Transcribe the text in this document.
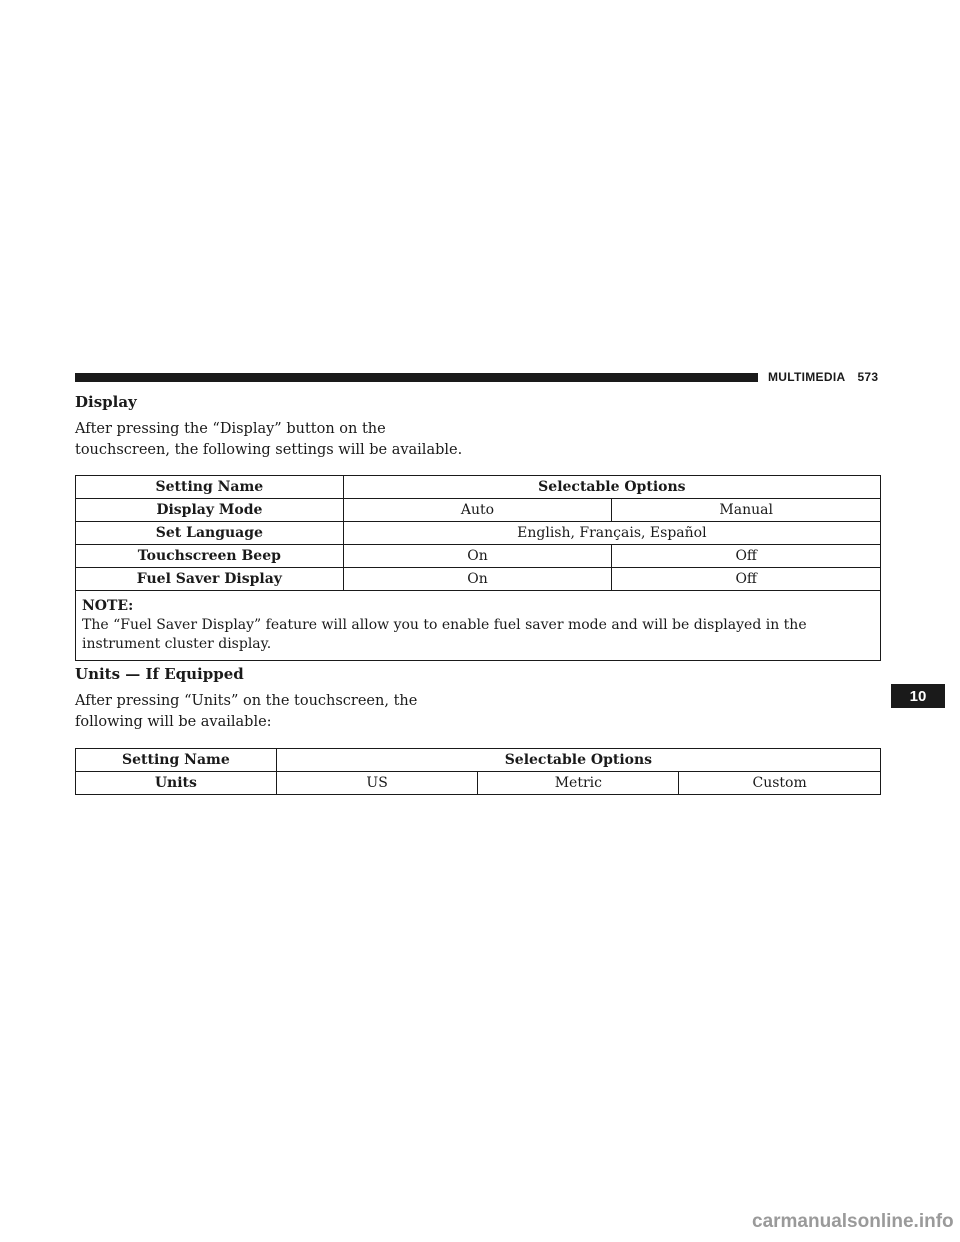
MULTIMEDIA 573
Display
After pressing the “Display” button on the touchscreen, the following settings will be available.
Setting Name	Selectable Options	
Display Mode	Auto	Manual
Set Language	English, Français, Español	
Touchscreen Beep	On	Off
Fuel Saver Display	On	Off

NOTE:
The “Fuel Saver Display” feature will allow you to enable fuel saver mode and will be displayed in the instrument cluster display.		
Units — If Equipped
After pressing “Units” on the touchscreen, the following will be available:
Setting Name	Selectable Options		
Units	US	Metric	Custom
10
carmanualsonline.info
